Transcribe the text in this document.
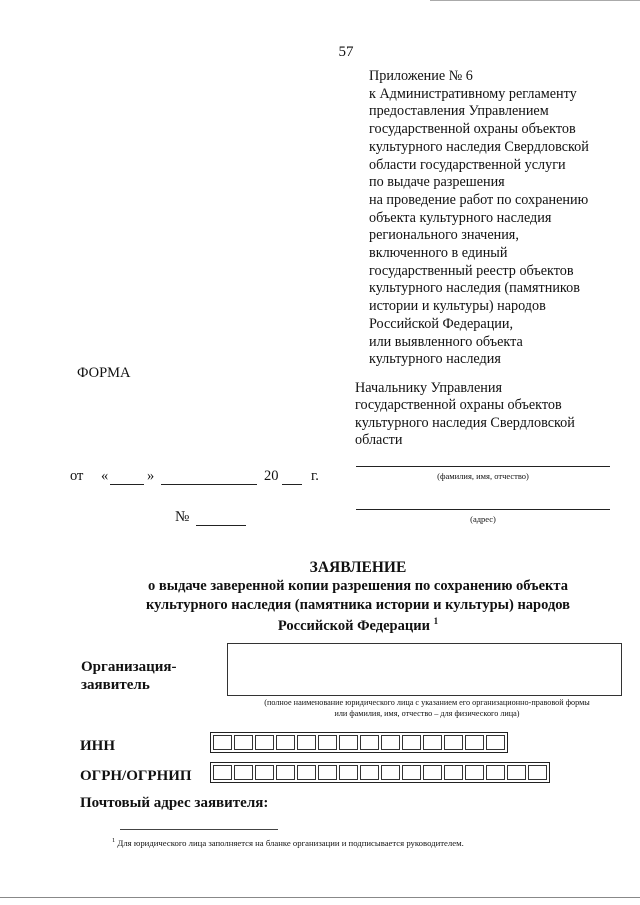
57
Приложение № 6
к Административному регламенту
предоставления Управлением
государственной охраны объектов
культурного наследия Свердловской
области государственной услуги
по выдаче разрешения
на проведение работ по сохранению
объекта культурного наследия
регионального значения,
включенного в единый
государственный реестр объектов
культурного наследия (памятников
истории и культуры) народов
Российской Федерации,
или выявленного объекта
культурного наследия
ФОРМА
Начальнику Управления
государственной охраны объектов
культурного наследия Свердловской
области
(фамилия, имя, отчество)
(адрес)
от «	»	20 г.
№
ЗАЯВЛЕНИЕ
о выдаче заверенной копии разрешения по сохранению объекта
культурного наследия (памятника истории и культуры) народов
Российской Федерации $^1$
Организация-
заявитель
(полное наименование юридического лица с указанием его организационно-правовой формы
или фамилия, имя, отчество – для физического лица)
ИНН
ОГРН/ОГРНИП
Почтовый адрес заявителя:
$^1$ Для юридического лица заполняется на бланке организации и подписывается руководителем.
